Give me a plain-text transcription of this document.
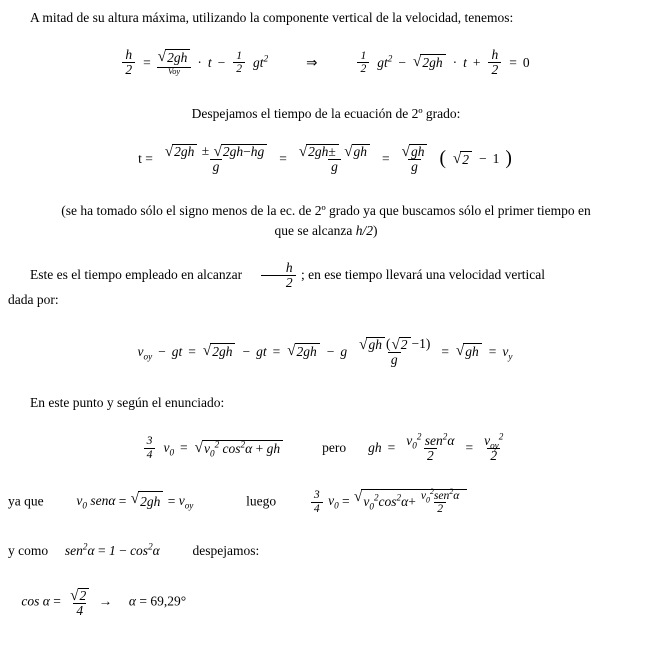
A mitad de su altura máxima, utilizando la componente vertical de la velocidad, tenemos:

$\frac{h}{2}$ = √ 2gh
Voy
· $t - \frac{1}{2} gt^2$	⇒	$\frac{1}{2} gt^2$ − √ $2gh \cdot t + \frac{h}{2} = 0$

Despejamos el tiempo de la ecuación de 2º grado:

t = √ 2gh ± √ 2gh−hg
g
= √ 2gh±
√ gh
$g = \frac{√ gh}{g}$ ( √ 2 − 1 )

(se ha tomado sólo el signo menos de la ec. de 2º grado ya que buscamos sólo el primer tiempo en

que se alcanza h/2)

Este es el tiempo empleado en alcanzar $\frac{h}{2}$ ; en ese tiempo llevará una velocidad vertical

dada por:

$v_{oy}$ − gt = √ 2gh − gt = √ 2gh − g $\frac{√ gh ( √ 2 -1)}{g}$ = √ gh = $v_y$

En este punto y según el enunciado:

$\frac{3}{4} v_0$ = √ $v_0^2$ $\cos^2\alpha$ + gh	pero gh = $\frac{v_0^2 sen^2\alpha}{2} = \frac{v_{oy}^2}{2}$
ya que $v_0$ senα = √ $2gh = v_{oy}$	luego	$\frac{3}{4} v_0$ = √ $v_0^2\cos^2\alpha+ \frac{v_0^2sen^2\alpha}{2}$
y como $sen^2\alpha = 1 - \cos^2\alpha$ despejamos:
$\cos \alpha = \frac{√ 2}{4} \to \alpha = 69,29^\circ$
